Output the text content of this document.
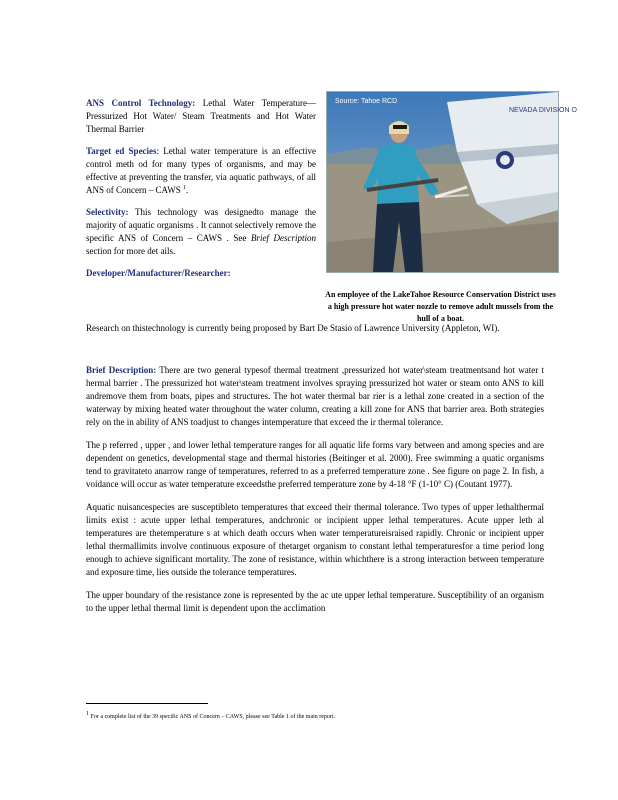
ANS Control Technology: Lethal Water Temperature— Pressurized Hot Water/ Steam Treatments and Hot Water Thermal Barrier

Target ed Species: Lethal water temperature is an effective control meth od for many types of organisms, and may be effective at preventing the transfer, via aquatic pathways, of all ANS of Concern – CAWS $^1$.

Selectivity: This technology was designedto manage the majority of aquatic organisms . It cannot selectively remove the specific ANS of Concern – CAWS . See Brief Description section for more det ails.

Developer/Manufacturer/Researcher:

NEVADA DIVISION O
Source: Tahoe RCD
An employee of the LakeTahoe Resource Conservation District uses a high pressure hot water nozzle to remove adult mussels from the hull of a boat.
Research on thistechnology is currently being proposed by Bart De Stasio of Lawrence University (Appleton, WI).

Brief Description: There are two general typesof thermal treatment ,pressurized hot water\steam treatmentsand hot water t hermal barrier . The pressurized hot water\steam treatment involves spraying pressurized hot water or steam onto ANS to kill andremove them from boats, pipes and structures. The hot water thermal bar rier is a lethal zone created in a section of the waterway by mixing heated water throughout the water column, creating a kill zone for ANS that barrier area. Both strategies rely on the in ability of ANS toadjust to changes intemperature that exceed the ir thermal tolerance.

The p referred , upper , and lower lethal temperature ranges for all aquatic life forms vary between and among species and are dependent on genetics, developmental stage and thermal histories (Beitinger et al. 2000). Free swimming a quatic organisms tend to gravitateto anarrow range of temperatures, referred to as a preferred temperature zone . See figure on page 2. In fish, a voidance will occur as water temperature exceedsthe preferred temperature zone by 4-18 °F (1-10° C) (Coutant 1977).

Aquatic nuisancespecies are susceptibleto temperatures that exceed their thermal tolerance. Two types of upper lethalthermal limits exist : acute upper lethal temperatures, andchronic or incipient upper lethal temperatures. Acute upper leth al temperatures are thetemperature s at which death occurs when water temperatureisraised rapidly. Chronic or incipient upper lethal thermallimits involve continuous exposure of thetarget organism to constant lethal temperaturesfor a time period long enough to achieve significant mortality. The zone of resistance, within whichthere is a strong interaction between temperature and exposure time, lies outside the tolerance temperatures.

The upper boundary of the resistance zone is represented by the ac ute upper lethal temperature. Susceptibility of an organism to the upper lethal thermal limit is dependent upon the acclimation

$^1$ For a complete list of the 39 specific ANS of Concern – CAWS, please see Table 1 of the main report.
